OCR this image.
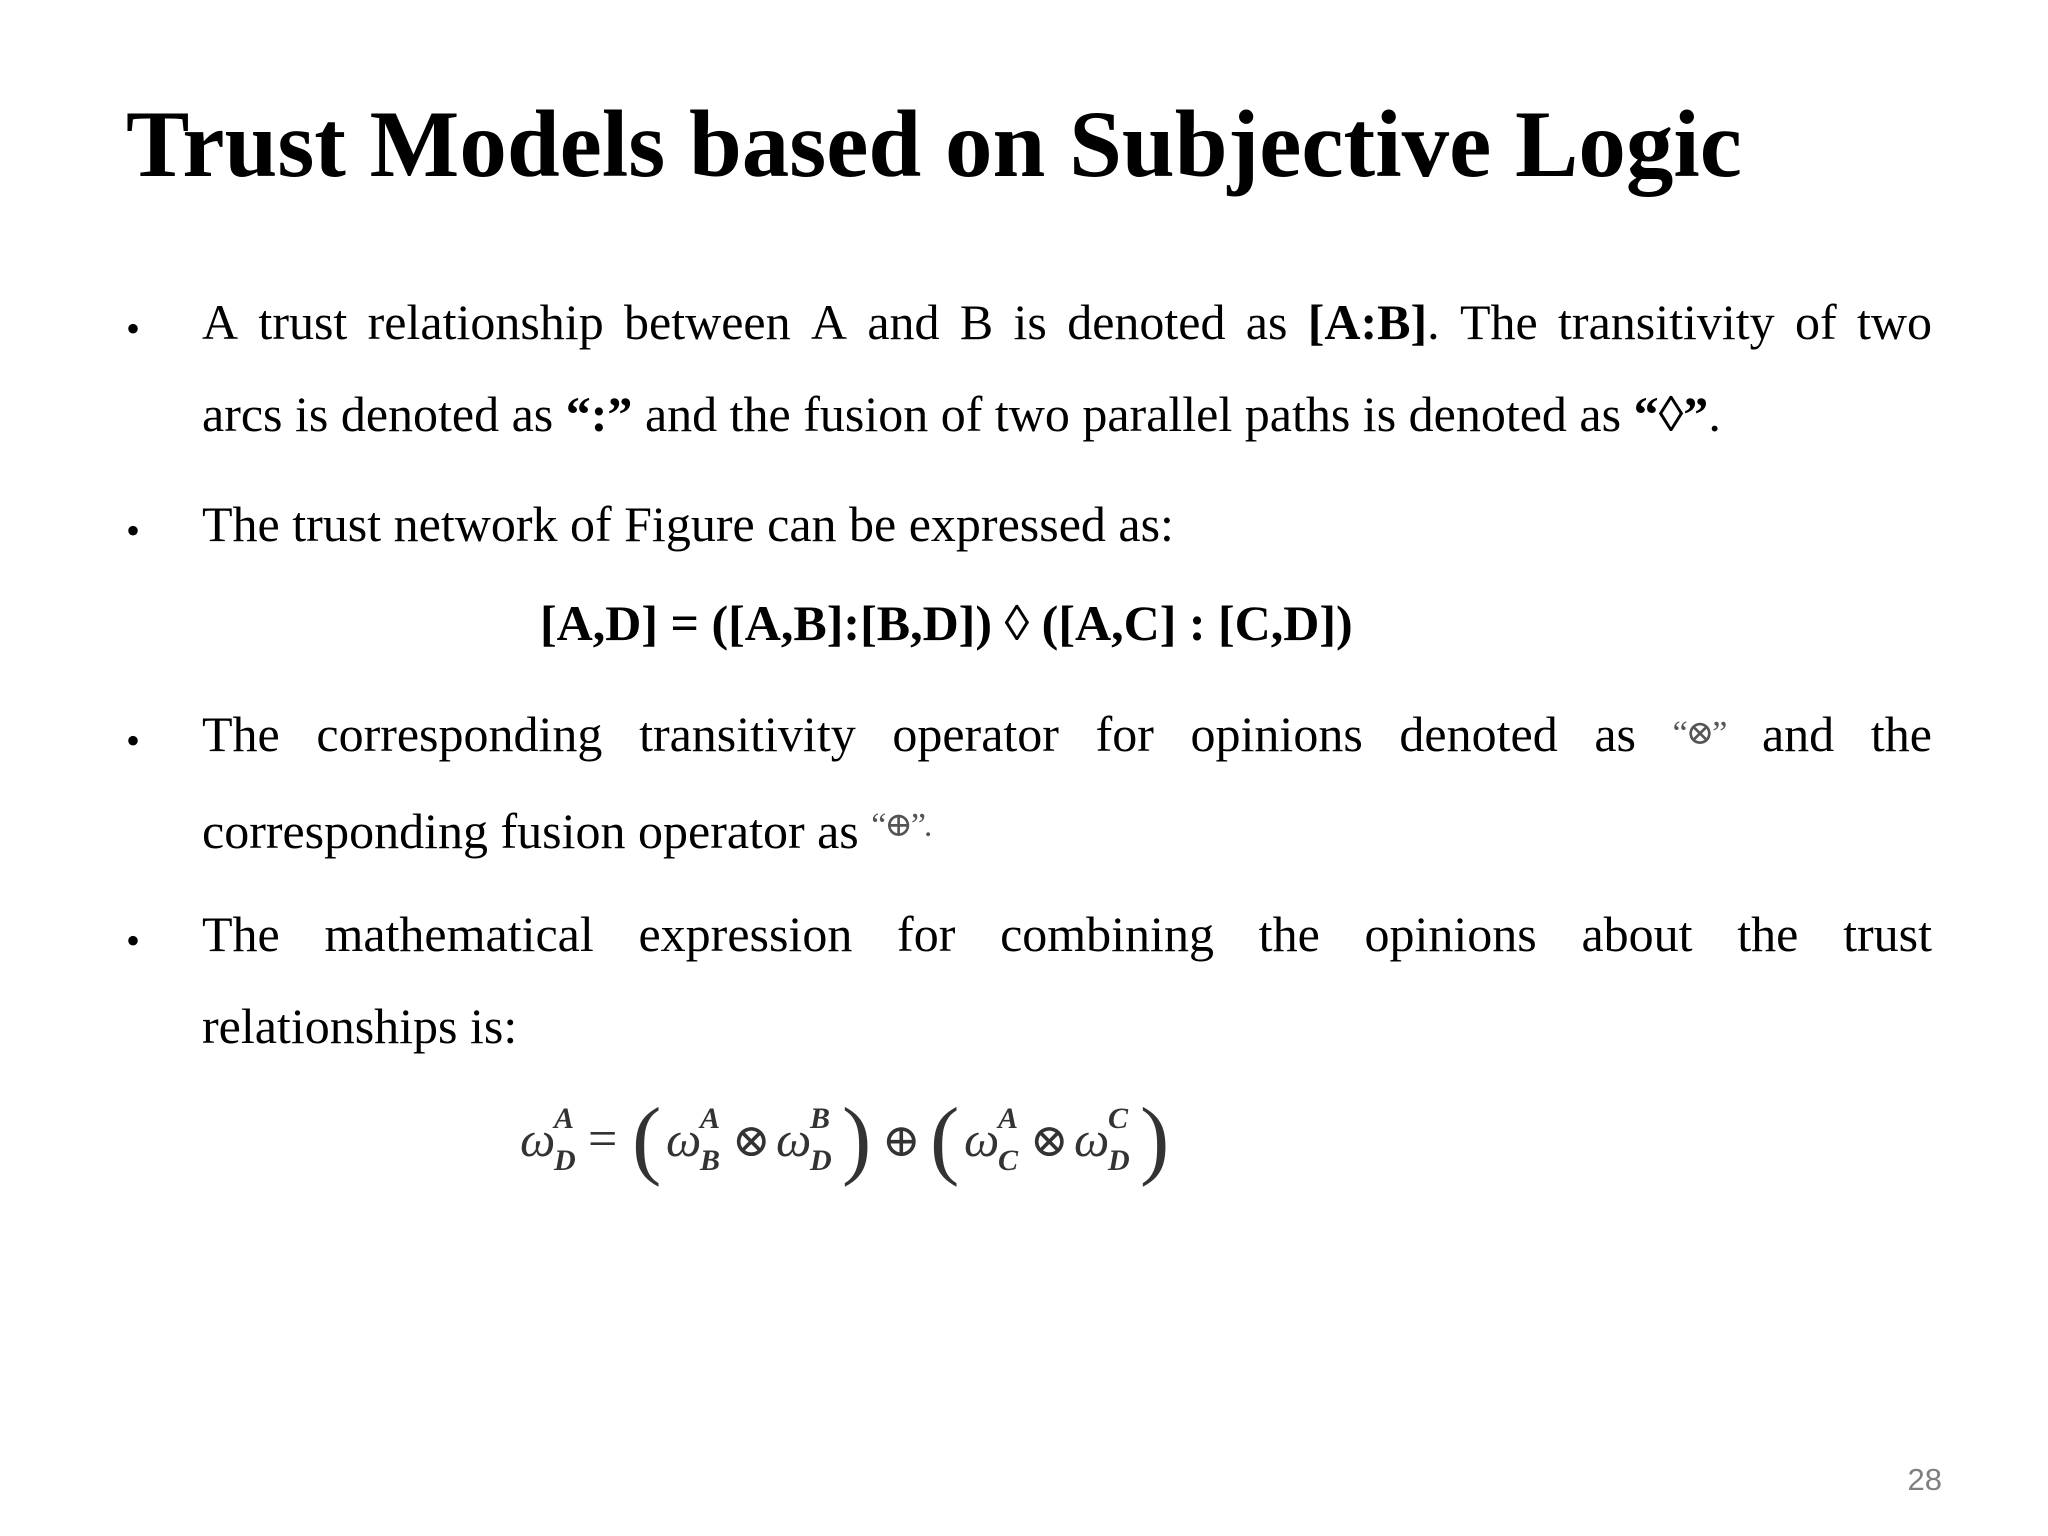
Trust Models based on Subjective Logic
•	A trust relationship between A and B is denoted as [A:B]. The transitivity of two
arcs is denoted as “:” and the fusion of two parallel paths is denoted as “◊”.
•	The trust network of Figure can be expressed as:
•	The corresponding transitivity operator for opinions denoted as “⊗” and the
corresponding fusion operator as “⊕”.
•	The mathematical expression for combining the opinions about the trust
relationships is:
[A,D] = ([A,B]:[B,D]) ◊ ([A,C] : [C,D])
ω
A
D = ( ω
A
B ⊗ ω
B
D ) ⊕ ( ω
A
C ⊗ ω
C
D )
28
